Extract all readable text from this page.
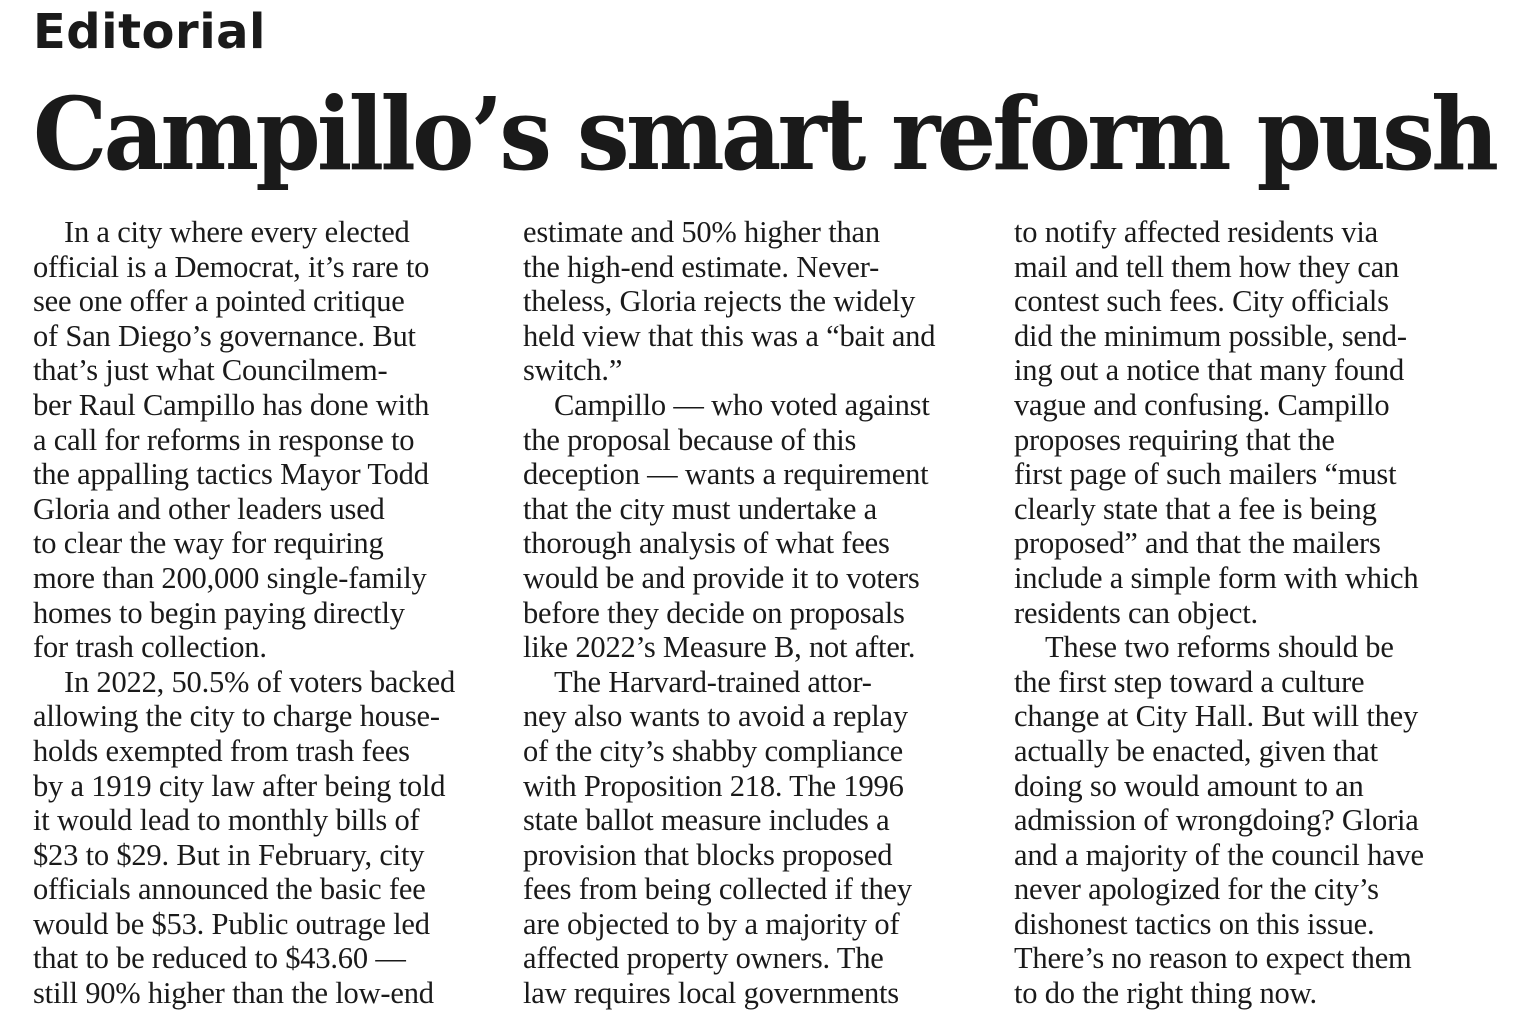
Editorial
Campillo’s smart reform push
In a city where every elected
official is a Democrat, it’s rare to
see one offer a pointed critique
of San Diego’s governance. But
that’s just what Councilmem-
ber Raul Campillo has done with
a call for reforms in response to
the appalling tactics Mayor Todd
Gloria and other leaders used
to clear the way for requiring
more than 200,000 single-family
homes to begin paying directly
for trash collection.
In 2022, 50.5% of voters backed
allowing the city to charge house-
holds exempted from trash fees
by a 1919 city law after being told
it would lead to monthly bills of
$23 to $29. But in February, city
officials announced the basic fee
would be $53. Public outrage led
that to be reduced to $43.60 —
still 90% higher than the low-end
estimate and 50% higher than
the high-end estimate. Never-
theless, Gloria rejects the widely
held view that this was a “bait and
switch.”
Campillo — who voted against
the proposal because of this
deception — wants a requirement
that the city must undertake a
thorough analysis of what fees
would be and provide it to voters
before they decide on proposals
like 2022’s Measure B, not after.
The Harvard-trained attor-
ney also wants to avoid a replay
of the city’s shabby compliance
with Proposition 218. The 1996
state ballot measure includes a
provision that blocks proposed
fees from being collected if they
are objected to by a majority of
affected property owners. The
law requires local governments
to notify affected residents via
mail and tell them how they can
contest such fees. City officials
did the minimum possible, send-
ing out a notice that many found
vague and confusing. Campillo
proposes requiring that the
first page of such mailers “must
clearly state that a fee is being
proposed” and that the mailers
include a simple form with which
residents can object.
These two reforms should be
the first step toward a culture
change at City Hall. But will they
actually be enacted, given that
doing so would amount to an
admission of wrongdoing? Gloria
and a majority of the council have
never apologized for the city’s
dishonest tactics on this issue.
There’s no reason to expect them
to do the right thing now.
